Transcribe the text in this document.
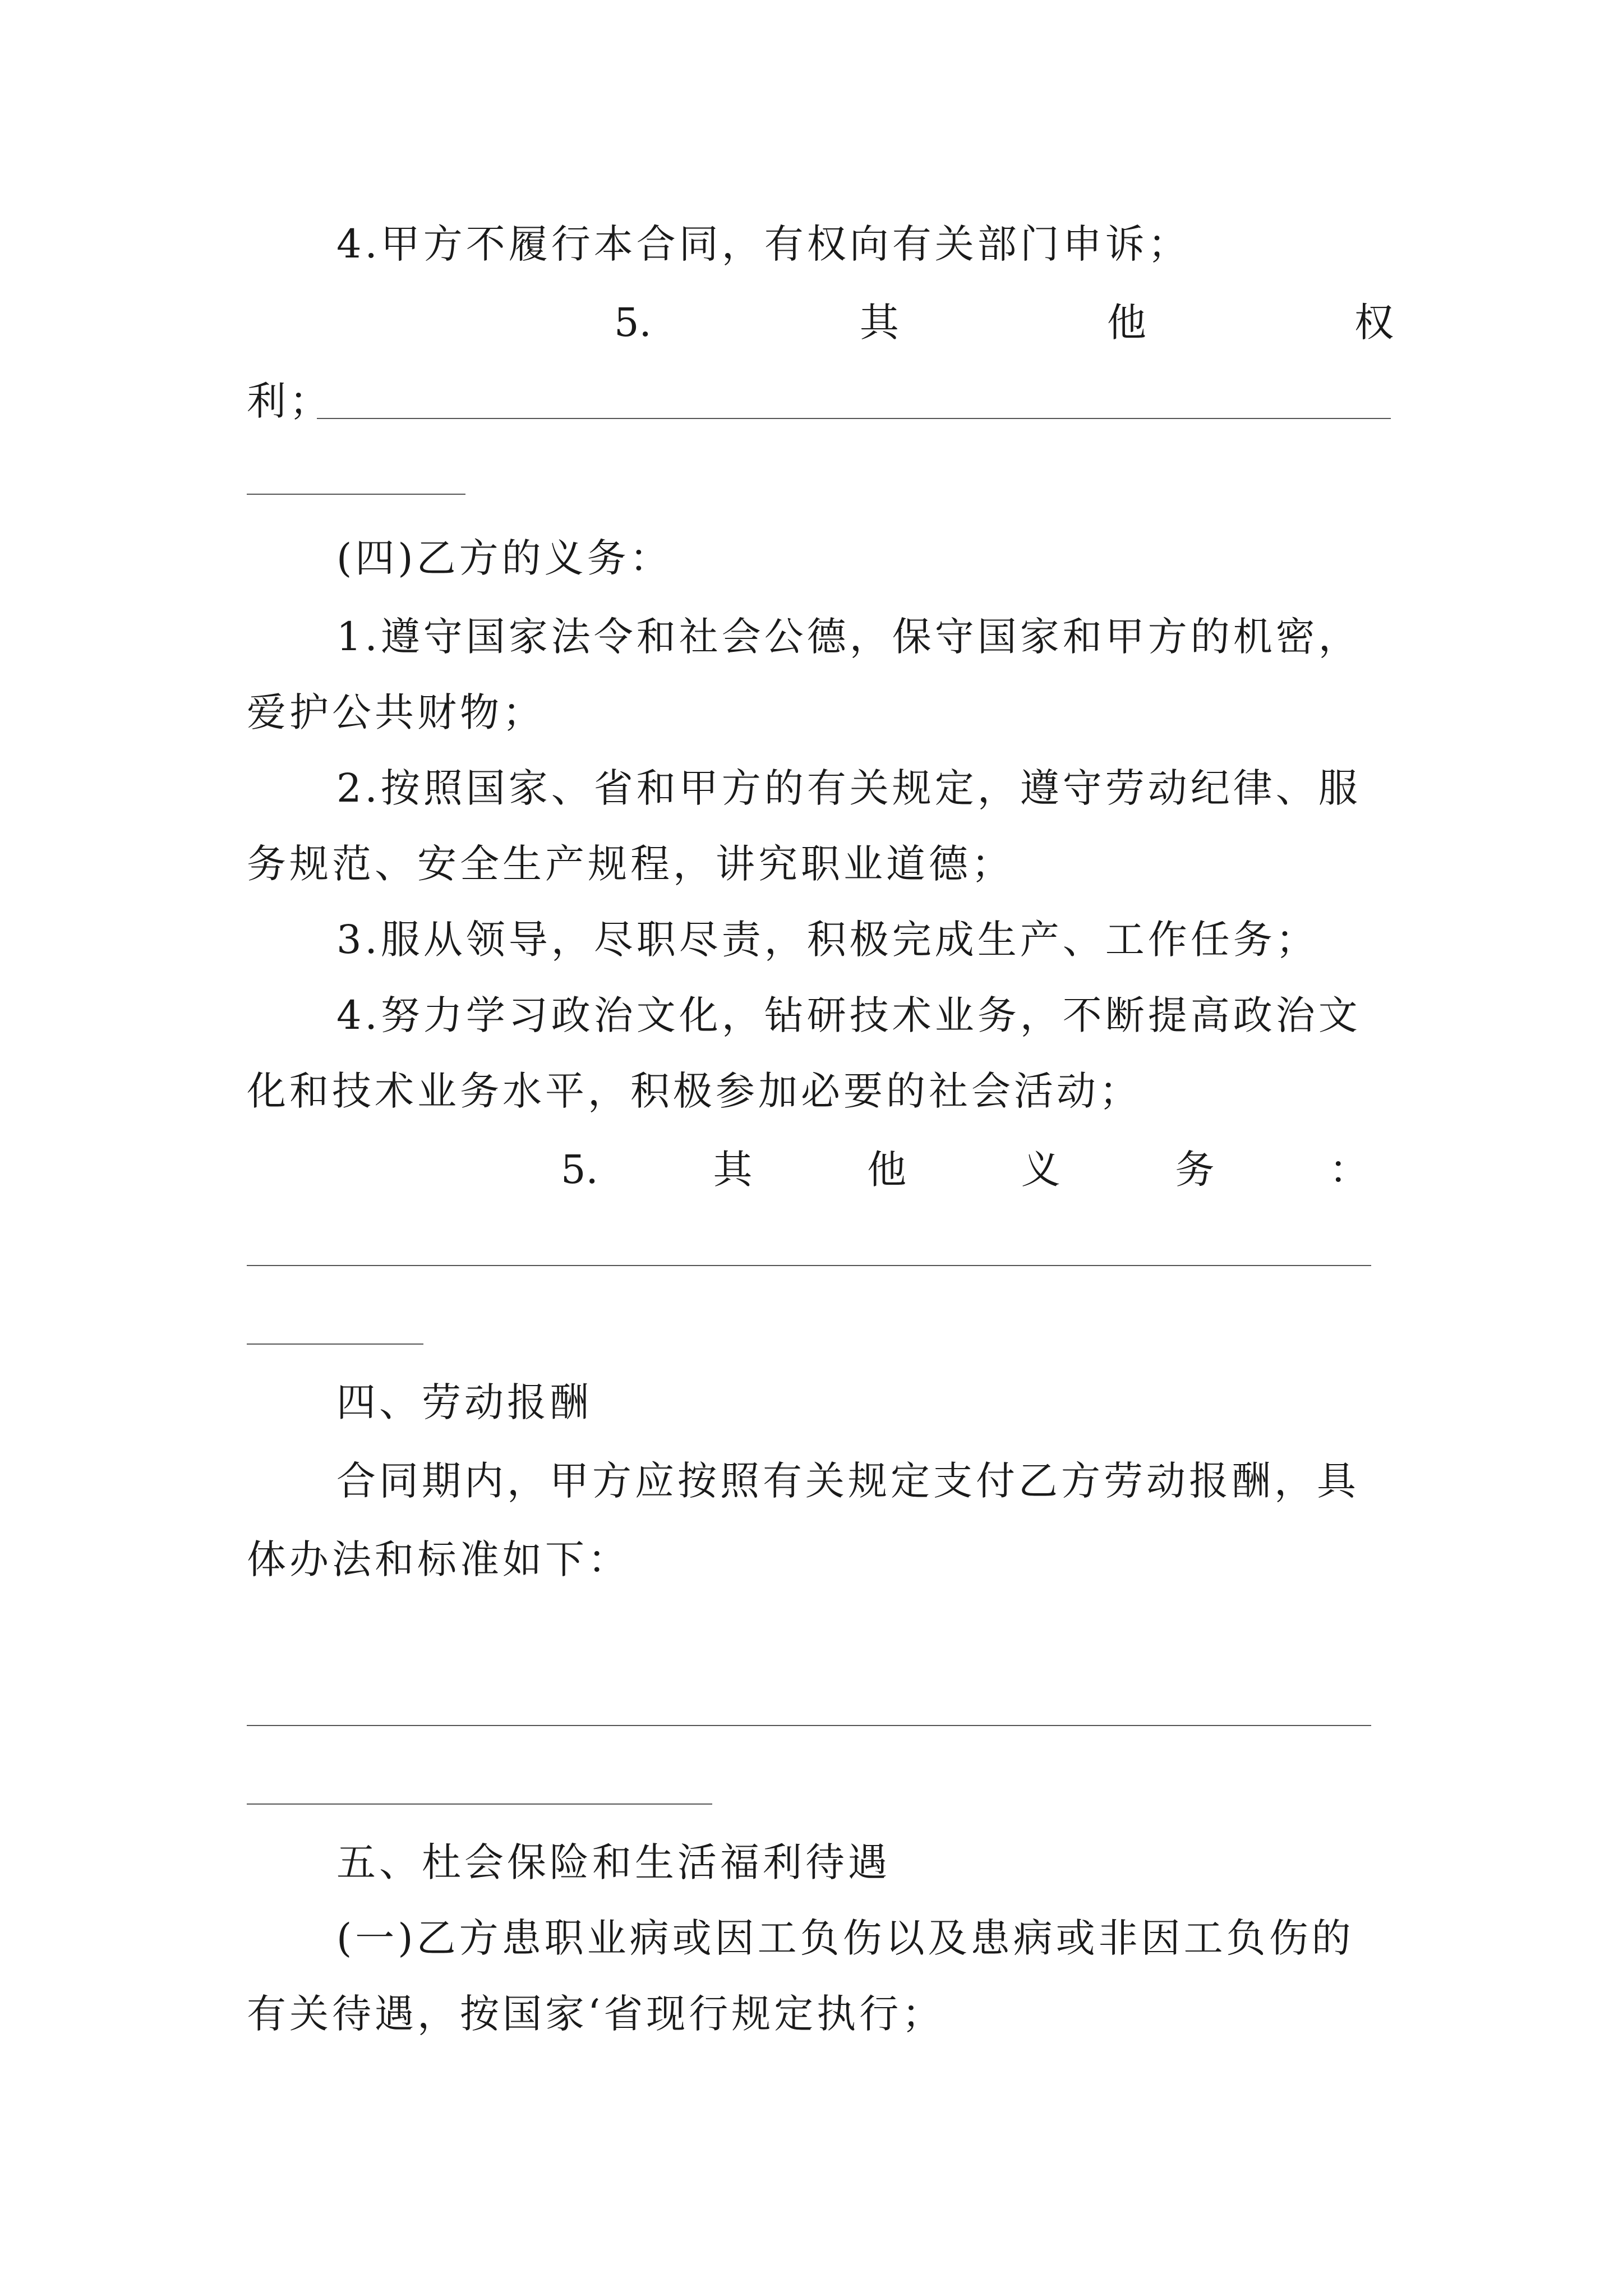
4.甲方不履行本合同，有权向有关部门申诉；
5.	其	他	权
利；
(四)乙方的义务：
1.遵守国家法令和社会公德，保守国家和甲方的机密，
爱护公共财物；
2.按照国家、省和甲方的有关规定，遵守劳动纪律、服
务规范、安全生产规程，讲究职业道德；
3.服从领导，尽职尽责，积极完成生产、工作任务；
4.努力学习政治文化，钻研技术业务，不断提高政治文
化和技术业务水平，积极参加必要的社会活动；
5.	其	他	义	务	：
四、劳动报酬
合同期内，甲方应按照有关规定支付乙方劳动报酬，具
体办法和标准如下：
五、杜会保险和生活福利待遇
(一)乙方患职业病或因工负伤以及患病或非因工负伤的
有关待遇，按国家‘省现行规定执行；
